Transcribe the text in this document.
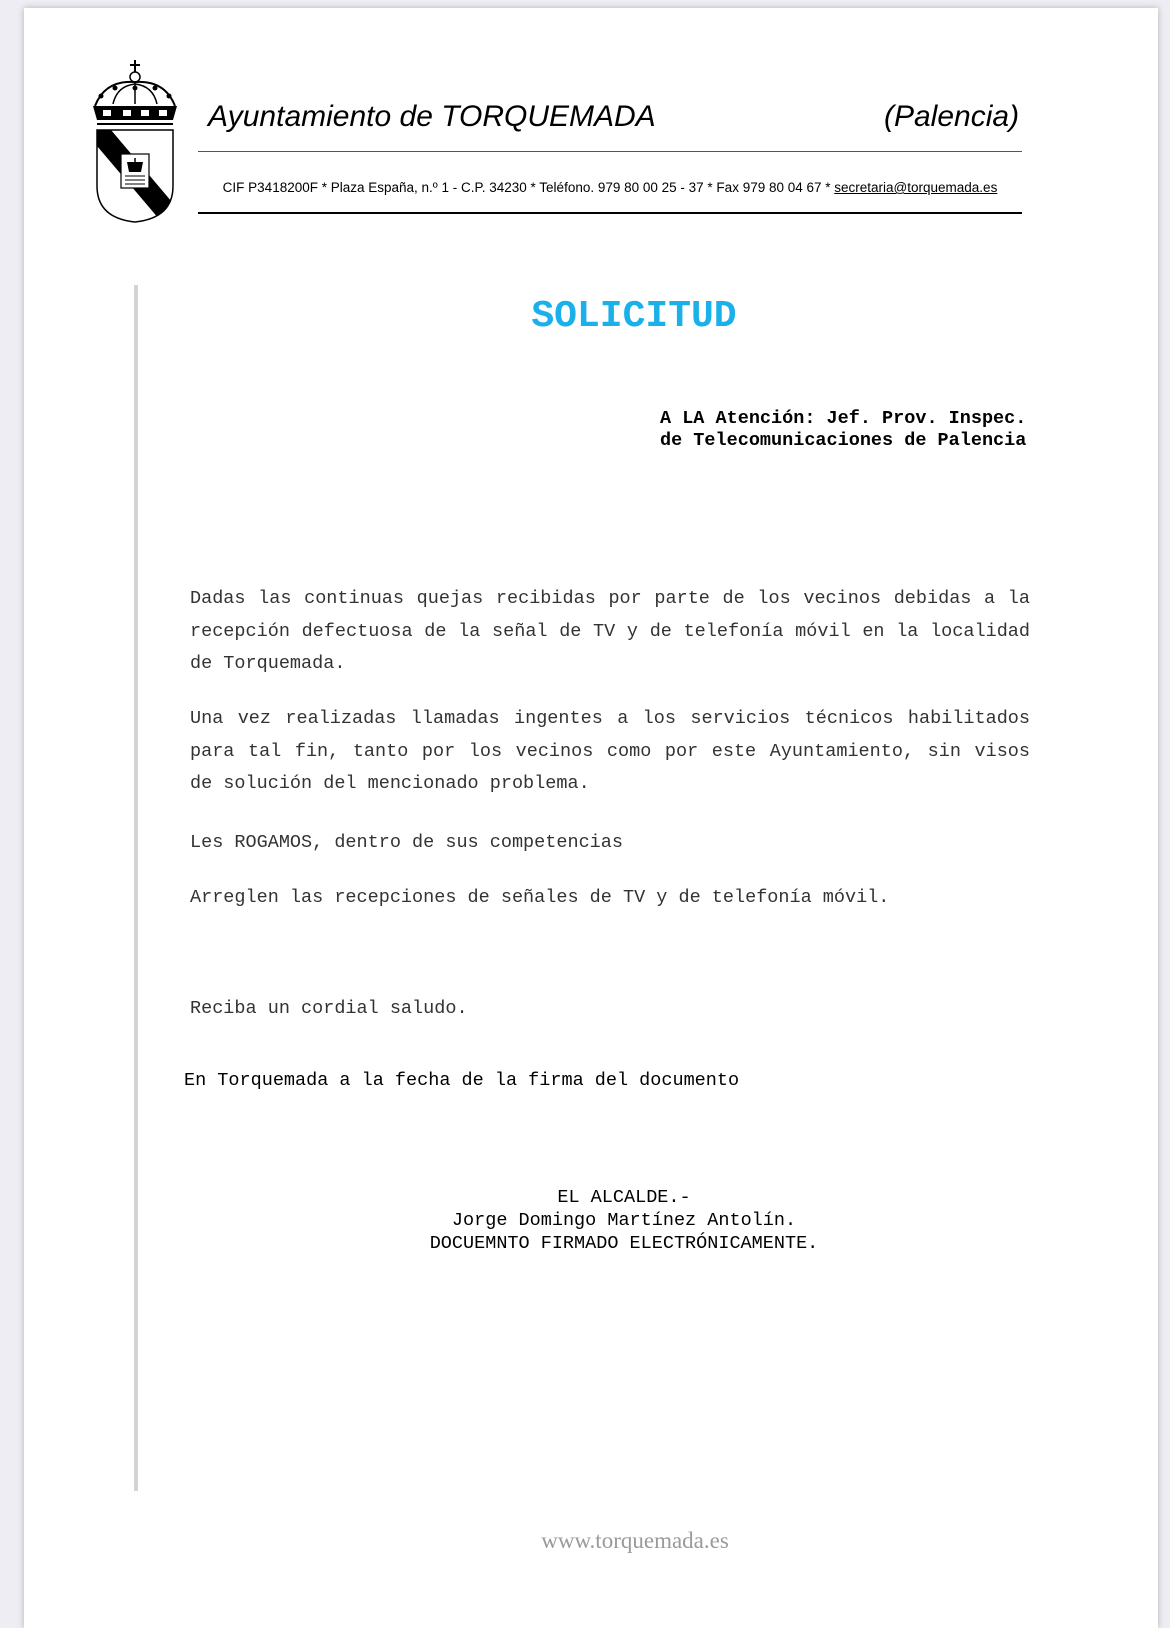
Ayuntamiento de TORQUEMADA	(Palencia)
CIF P3418200F * Plaza España, n.º 1 - C.P. 34230 * Teléfono. 979 80 00 25 - 37 * Fax 979 80 04 67 * secretaria@torquemada.es
SOLICITUD
A LA Atención: Jef. Prov. Inspec.
de Telecomunicaciones de Palencia
Dadas las continuas quejas recibidas por parte de los vecinos debidas a la recepción defectuosa de la señal de TV y de telefonía móvil en la localidad de Torquemada.
Una vez realizadas llamadas ingentes a los servicios técnicos habilitados para tal fin, tanto por los vecinos como por este Ayuntamiento, sin visos de solución del mencionado problema.
Les ROGAMOS, dentro de sus competencias
Arreglen las recepciones de señales de TV y de telefonía móvil.
Reciba un cordial saludo.
En Torquemada a la fecha de la firma del documento
EL ALCALDE.-
Jorge Domingo Martínez Antolín.
DOCUEMNTO FIRMADO ELECTRÓNICAMENTE.
www.torquemada.es
